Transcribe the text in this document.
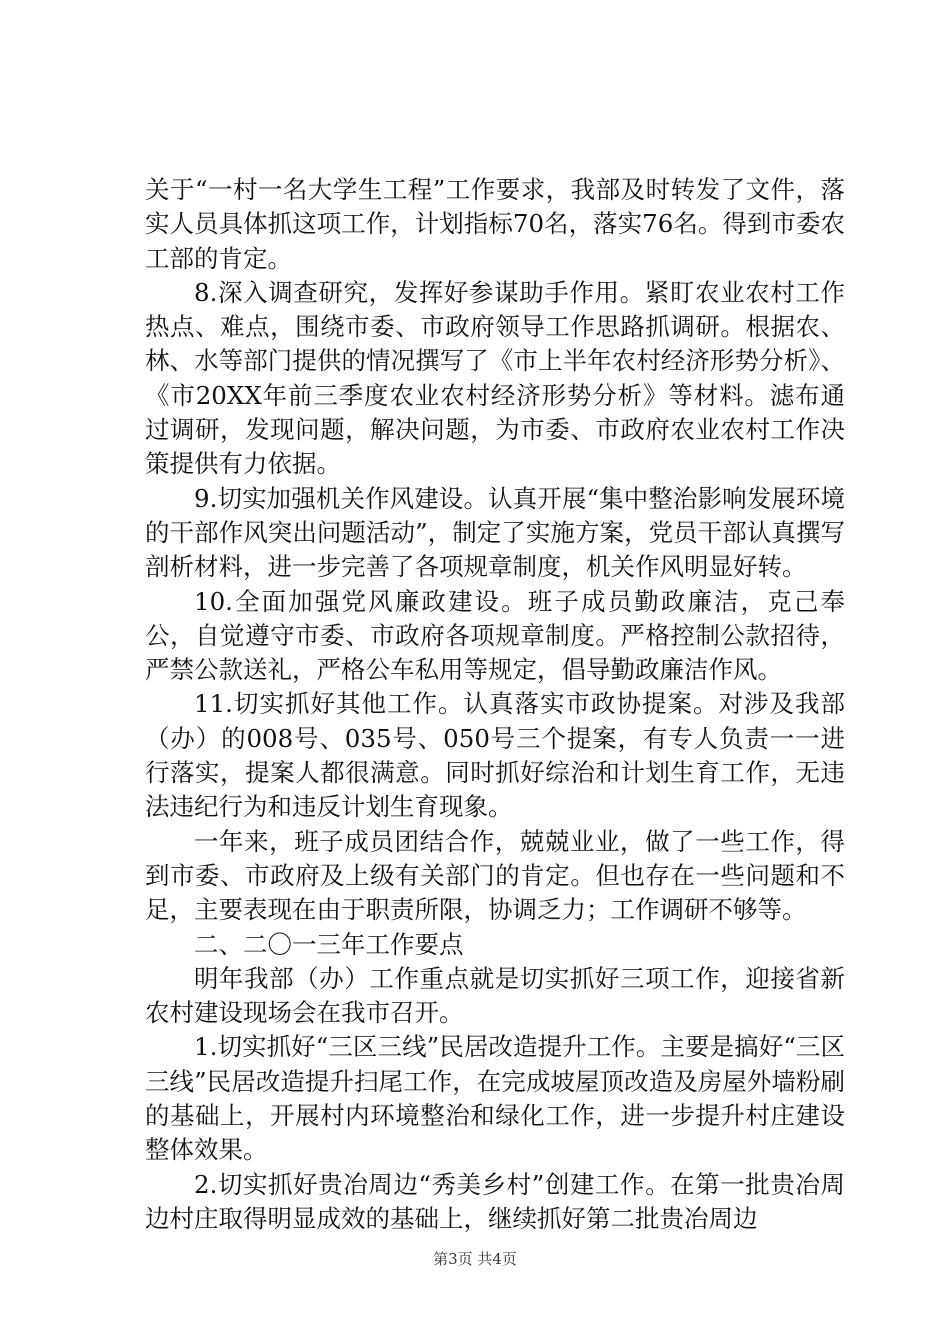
关于“一村一名大学生工程”工作要求，我部及时转发了文件，落实人员具体抓这项工作，计划指标70名，落实76名。得到市委农工部的肯定。

8.深入调查研究，发挥好参谋助手作用。紧盯农业农村工作热点、难点，围绕市委、市政府领导工作思路抓调研。根据农、林、水等部门提供的情况撰写了《市上半年农村经济形势分析》、《市20XX年前三季度农业农村经济形势分析》等材料。滤布通过调研，发现问题，解决问题，为市委、市政府农业农村工作决策提供有力依据。

9.切实加强机关作风建设。认真开展“集中整治影响发展环境的干部作风突出问题活动”，制定了实施方案，党员干部认真撰写剖析材料，进一步完善了各项规章制度，机关作风明显好转。

10.全面加强党风廉政建设。班子成员勤政廉洁，克己奉公，自觉遵守市委、市政府各项规章制度。严格控制公款招待，严禁公款送礼，严格公车私用等规定，倡导勤政廉洁作风。

11.切实抓好其他工作。认真落实市政协提案。对涉及我部（办）的008号、035号、050号三个提案，有专人负责一一进行落实，提案人都很满意。同时抓好综治和计划生育工作，无违法违纪行为和违反计划生育现象。

一年来，班子成员团结合作，兢兢业业，做了一些工作，得到市委、市政府及上级有关部门的肯定。但也存在一些问题和不足，主要表现在由于职责所限，协调乏力；工作调研不够等。

二、二〇一三年工作要点

明年我部（办）工作重点就是切实抓好三项工作，迎接省新农村建设现场会在我市召开。

1.切实抓好“三区三线”民居改造提升工作。主要是搞好“三区三线”民居改造提升扫尾工作，在完成坡屋顶改造及房屋外墙粉刷的基础上，开展村内环境整治和绿化工作，进一步提升村庄建设整体效果。

2.切实抓好贵冶周边“秀美乡村”创建工作。在第一批贵冶周边村庄取得明显成效的基础上，继续抓好第二批贵冶周边

第3页 共4页
